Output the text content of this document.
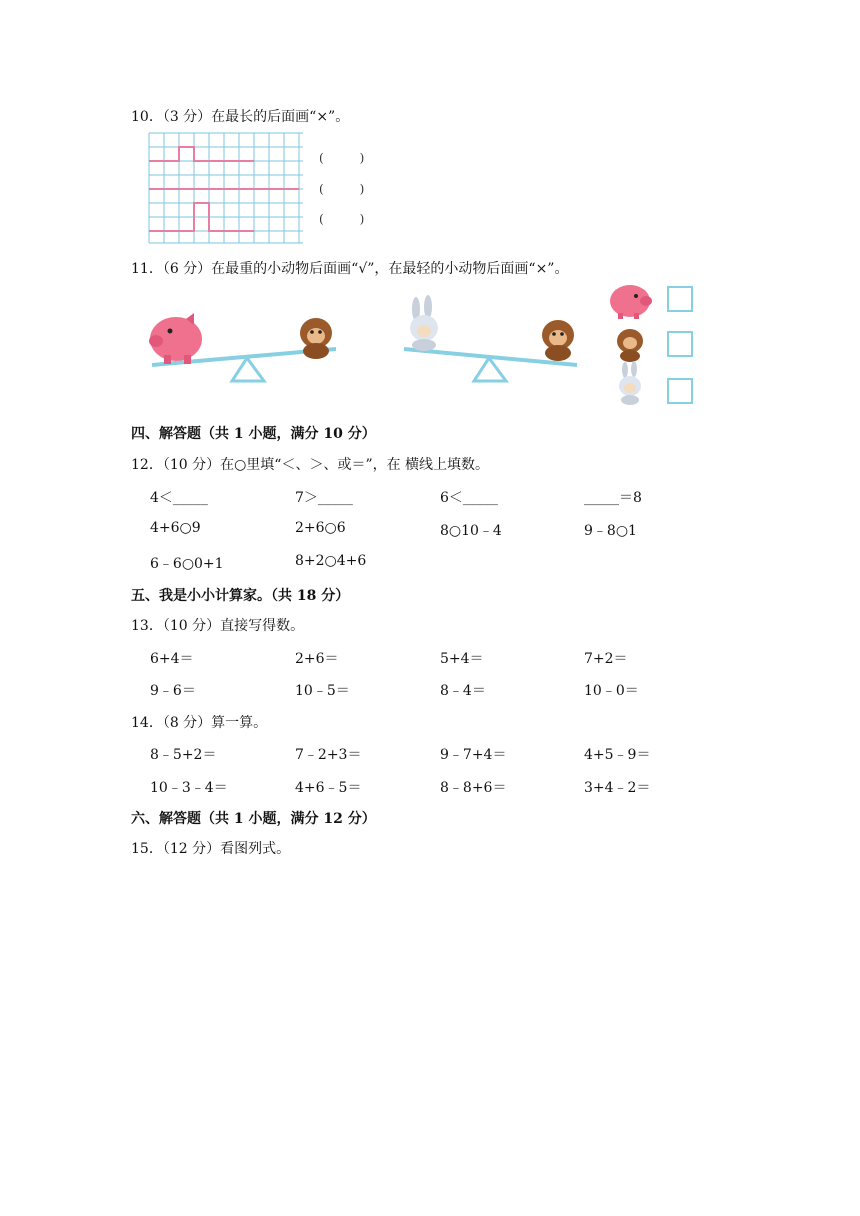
10．（3 分）在最长的后面画“×”。
(　　　)
(　　　)
(　　　)
11．（6 分）在最重的小动物后面画“√”，在最轻的小动物后面画“×”。
四、解答题（共 1 小题，满分 10 分）
12．（10 分）在○里填“＜、＞、或＝”，在 横线上填数。
4＜_____	7＞_____	6＜_____	_____＝8
4+6○9	2+6○6	8○10﹣4	9﹣8○1
6﹣6○0+1	8+2○4+6
五、我是小小计算家。（共 18 分）
13．（10 分）直接写得数。
6+4＝	2+6＝	5+4＝	7+2＝
9﹣6＝	10﹣5＝	8﹣4＝	10﹣0＝
14．（8 分）算一算。
8﹣5+2＝	7﹣2+3＝	9﹣7+4＝	4+5﹣9＝
10﹣3﹣4＝	4+6﹣5＝	8﹣8+6＝	3+4﹣2＝
六、解答题（共 1 小题，满分 12 分）
15．（12 分）看图列式。
